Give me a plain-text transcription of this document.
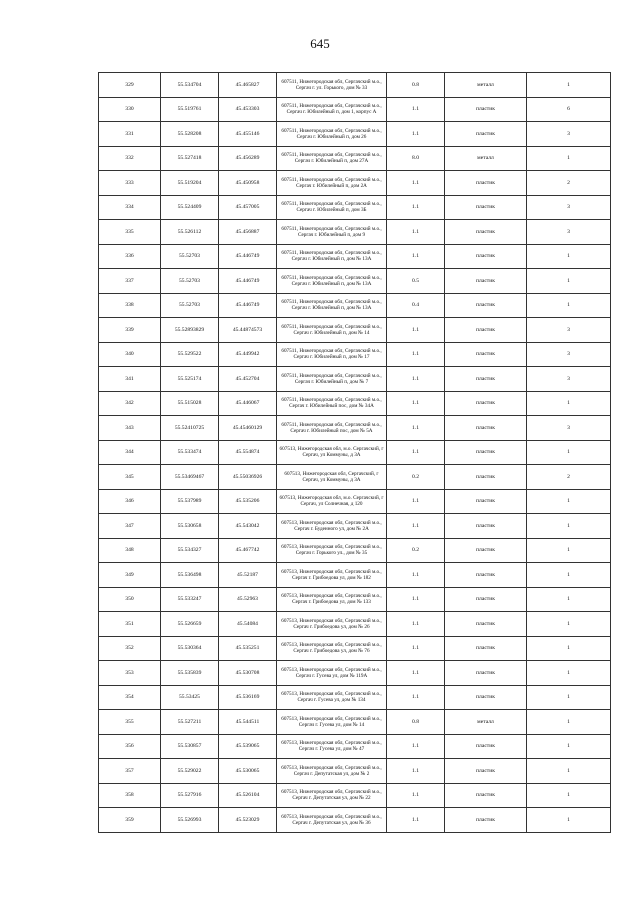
645
329	55.534704	45.465827	607511, Нижегородская обл, Сергачский м.о., Сергач г. ул. Горького, дом № 33	0.8	металл	1
330	55.519761	45.453303	607511, Нижегородская обл, Сергачский м.о., Сергач г. Юбилейный п, дом 1, корпус А	1.1	пластик	6
331	55.528208	45.455146	607511, Нижегородская обл, Сергачский м.о., Сергач г. Юбилейный п, дом 26	1.1	пластик	3
332	55.527418	45.456289	607511, Нижегородская обл, Сергачский м.о., Сергач г. Юбилейный п, дом 27А	8.0	металл	1
333	55.519204	45.450958	607511, Нижегородская обл, Сергачский м.о., Сергач г. Юбилейный п, дом 2А	1.1	пластик	2
334	55.524409	45.457005	607511, Нижегородская обл, Сергачский м.о., Сергач г. Юбилейный п, дом 3Б	1.1	пластик	3
335	55.526112	45.456887	607511, Нижегородская обл, Сергачский м.о., Сергач г. Юбилейный п, дом 9	1.1	пластик	3
336	55.52703	45.446749	607511, Нижегородская обл, Сергачский м.о., Сергач г. Юбилейный п, дом № 13А	1.1	пластик	1
337	55.52703	45.446749	607511, Нижегородская обл, Сергачский м.о., Сергач г. Юбилейный п, дом № 13А	0.5	пластик	1
338	55.52703	45.446749	607511, Нижегородская обл, Сергачский м.о., Сергач г. Юбилейный п, дом № 13А	0.4	пластик	1
339	55.52893829	45.44874573	607511, Нижегородская обл, Сергачский м.о., Сергач г. Юбилейный п, дом № 14	1.1	пластик	3
340	55.529522	45.449942	607511, Нижегородская обл, Сергачский м.о., Сергач г. Юбилейный п, дом № 17	1.1	пластик	3
341	55.525174	45.452704	607511, Нижегородская обл, Сергачский м.о., Сергач г. Юбилейный п, дом № 7	1.1	пластик	3
342	55.515028	45.446067	607511, Нижегородская обл, Сергачский м.о., Сергач г. Юбилейный пос, дом № 34А	1.1	пластик	1
343	55.52410725	45.45460129	607511, Нижегородская обл, Сергачский м.о., Сергач г. Юбилейный пос, дом № 5А	1.1	пластик	3
344	55.533474	45.554874	607513, Нижегородская обл, м.о. Сергачский, г Сергач, ул Коммуны, д 3А	1.1	пластик	1
345	55.53469467	45.55036926	607513, Нижегородская обл, Сергачский, г Сергач, ул Коммуны, д 3А	0.2	пластик	2
346	55.537989	45.535206	607513, Нижегородская обл, м.о. Сергачский, г Сергач, ул Солнечная, д 120	1.1	пластик	1
347	55.530658	45.543042	607513, Нижегородская обл, Сергачский м.о., Сергач г. Буденного ул, дом № 2А	1.1	пластик	1
348	55.534327	45.467742	607513, Нижегородская обл, Сергачский м.о., Сергач г. Горького ул., дом № 35	0.2	пластик	1
349	55.536498	45.52187	607513, Нижегородская обл, Сергачский м.о., Сергач г. Грибоедова ул, дом № 182	1.1	пластик	1
350	55.533247	45.52963	607513, Нижегородская обл, Сергачский м.о., Сергач г. Грибоедова ул, дом № 133	1.1	пластик	1
351	55.526659	45.54084	607513, Нижегородская обл, Сергачский м.о., Сергач г. Грибоедова ул, дом № 26	1.1	пластик	1
352	55.530364	45.535251	607513, Нижегородская обл, Сергачский м.о., Сергач г. Грибоедова ул, дом № 76	1.1	пластик	1
353	55.535839	45.530708	607513, Нижегородская обл, Сергачский м.о., Сергач г. Гусева ул, дом № 119А	1.1	пластик	1
354	55.53425	45.536169	607513, Нижегородская обл, Сергачский м.о., Сергач г. Гусева ул, дом № 134	1.1	пластик	1
355	55.527211	45.544511	607513, Нижегородская обл, Сергачский м.о., Сергач г. Гусева ул, дом № 14	0.8	металл	1
356	55.530857	45.539065	607513, Нижегородская обл, Сергачский м.о., Сергач г. Гусева ул, дом № 47	1.1	пластик	1
357	55.529022	45.530065	607513, Нижегородская обл, Сергачский м.о., Сергач г. Депутатская ул, дом № 2	1.1	пластик	1
358	55.527916	45.526104	607513, Нижегородская обл, Сергачский м.о., Сергач г. Депутатская ул, дом № 22	1.1	пластик	1
359	55.526993	45.523029	607513, Нижегородская обл, Сергачский м.о., Сергач г. Депутатская ул, дом № 36	1.1	пластик	1
